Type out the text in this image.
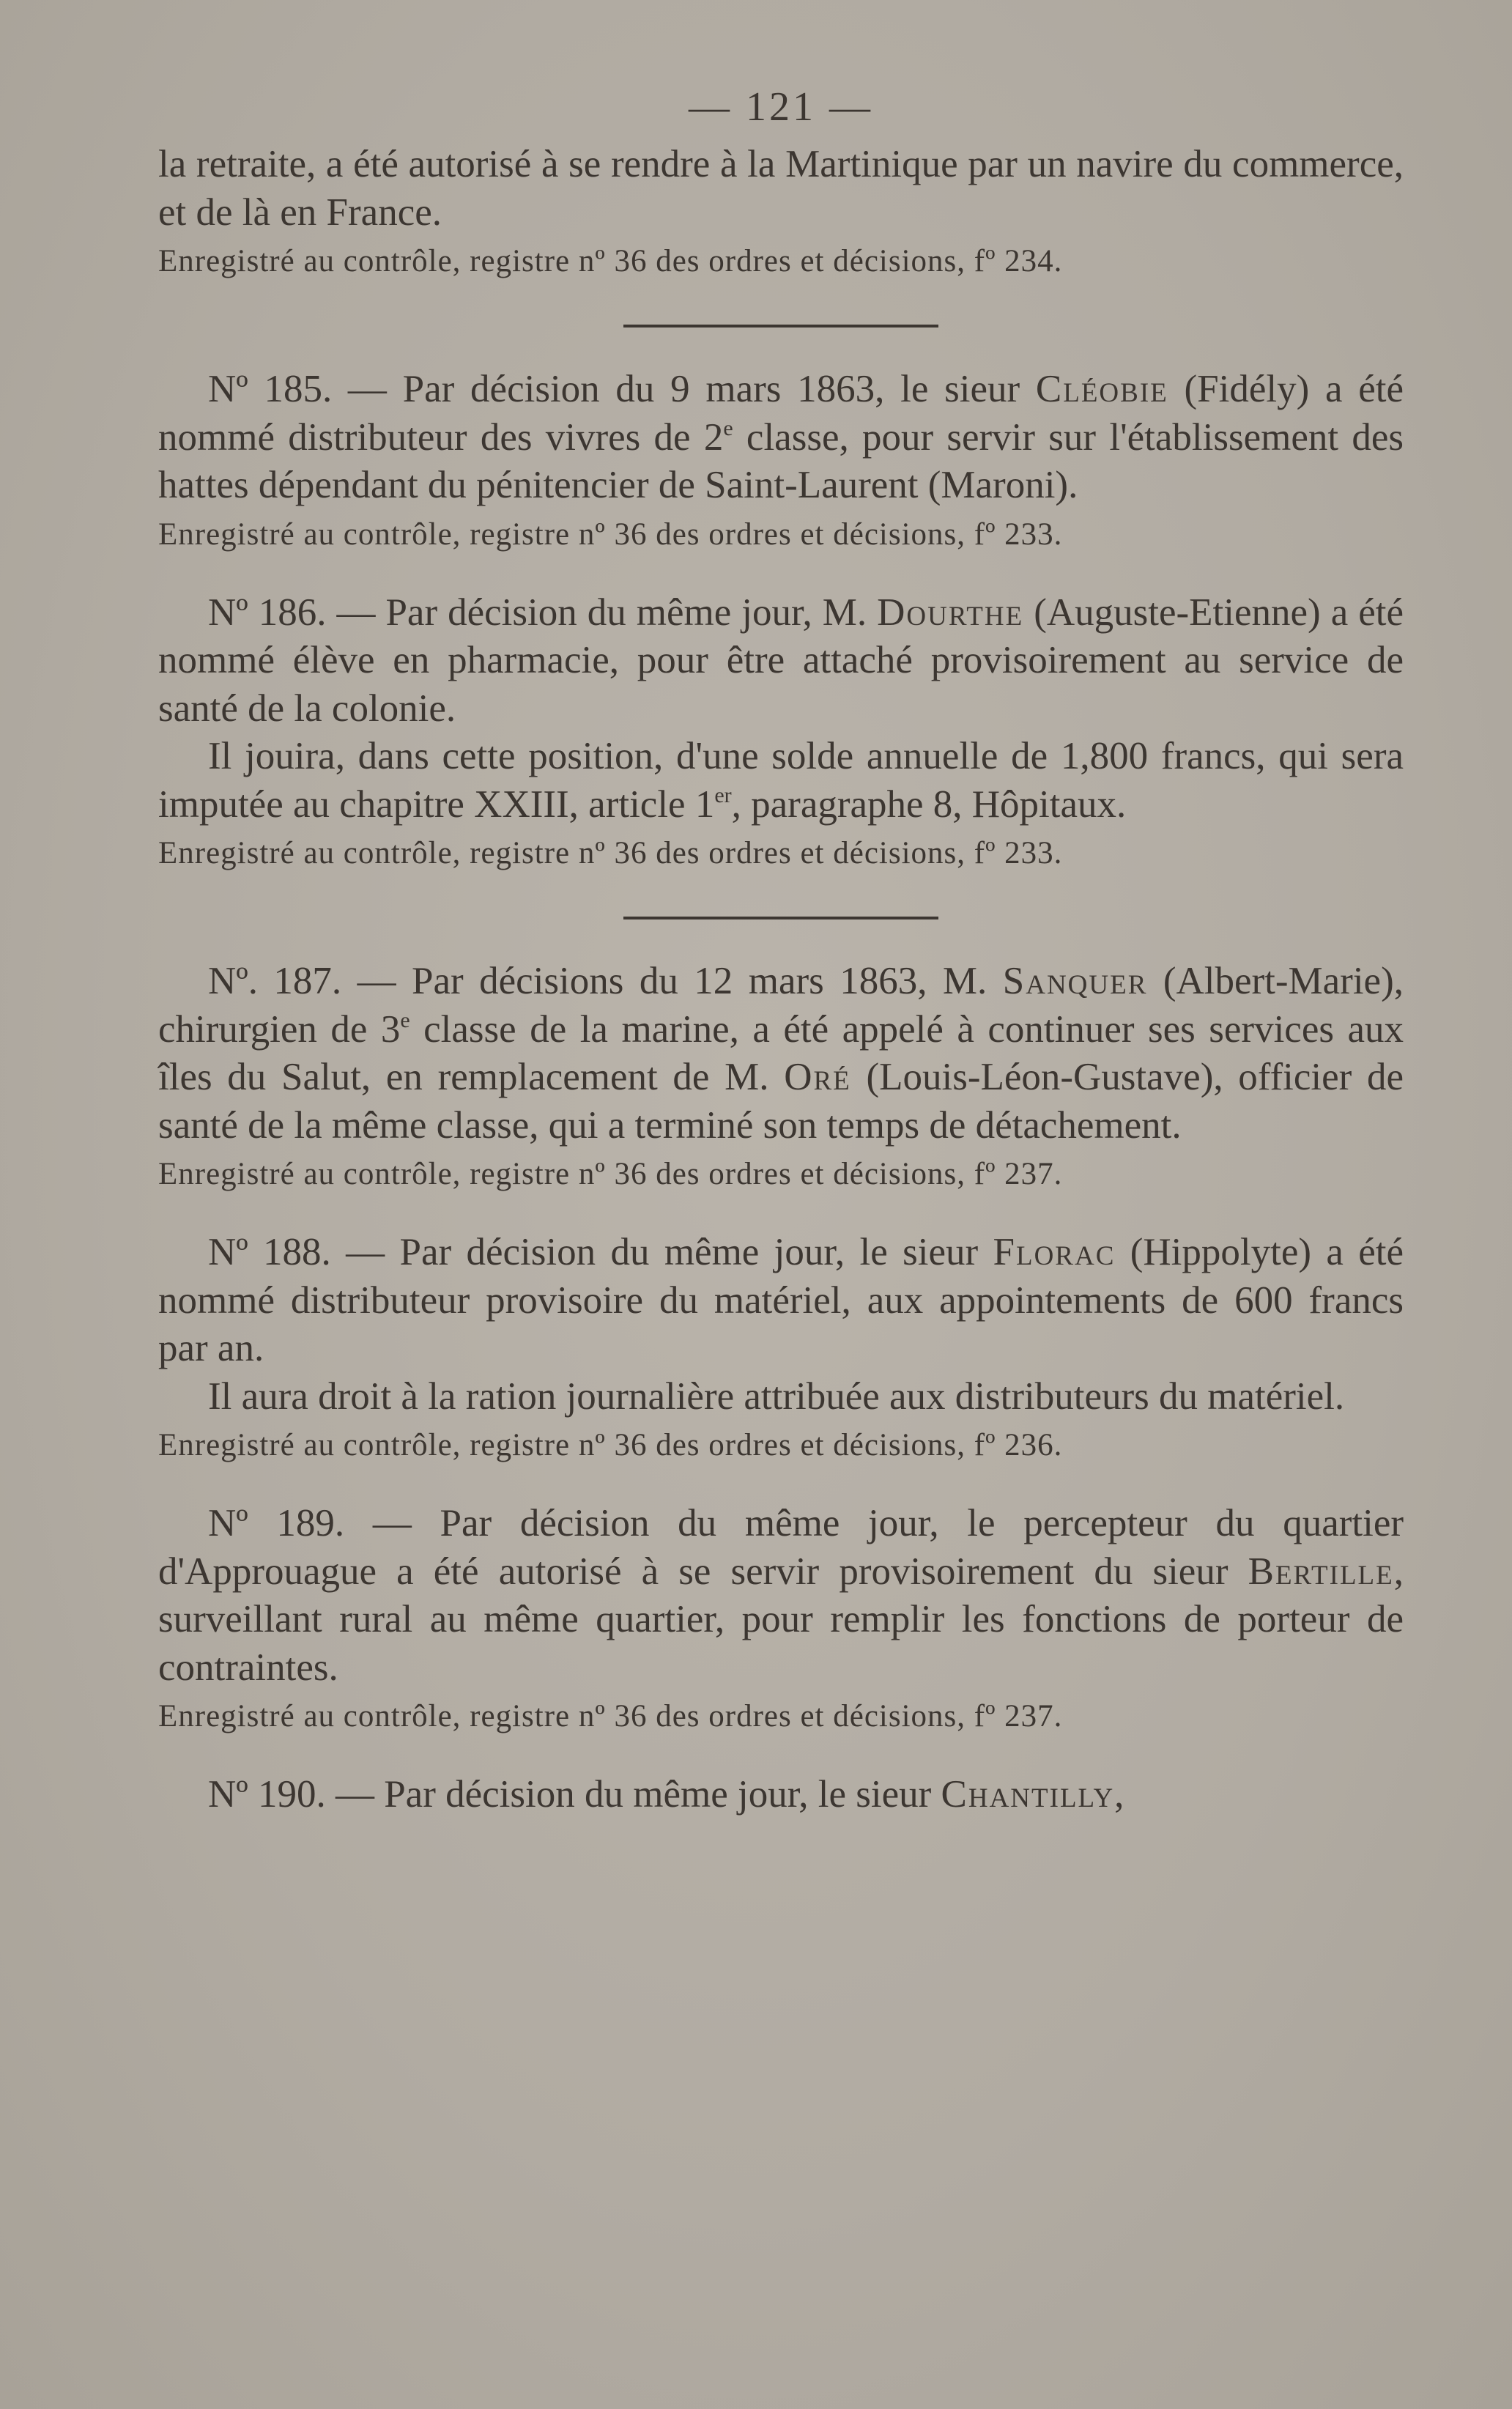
— 121 —

la retraite, a été autorisé à se rendre à la Martinique par un navire du commerce, et de là en France.

Enregistré au contrôle, registre nº 36 des ordres et décisions, fº 234.

Nº 185. — Par décision du 9 mars 1863, le sieur Cléobie (Fidély) a été nommé distributeur des vivres de 2e classe, pour servir sur l'établissement des hattes dépendant du pénitencier de Saint-Laurent (Maroni).

Enregistré au contrôle, registre nº 36 des ordres et décisions, fº 233.

Nº 186. — Par décision du même jour, M. Dourthe (Auguste-Etienne) a été nommé élève en pharmacie, pour être attaché provisoirement au service de santé de la colonie.

Il jouira, dans cette position, d'une solde annuelle de 1,800 francs, qui sera imputée au chapitre XXIII, article 1er, paragraphe 8, Hôpitaux.

Enregistré au contrôle, registre nº 36 des ordres et décisions, fº 233.

Nº. 187. — Par décisions du 12 mars 1863, M. Sanquer (Albert-Marie), chirurgien de 3e classe de la marine, a été appelé à continuer ses services aux îles du Salut, en remplacement de M. Oré (Louis-Léon-Gustave), officier de santé de la même classe, qui a terminé son temps de détachement.

Enregistré au contrôle, registre nº 36 des ordres et décisions, fº 237.

Nº 188. — Par décision du même jour, le sieur Florac (Hippolyte) a été nommé distributeur provisoire du matériel, aux appointements de 600 francs par an.

Il aura droit à la ration journalière attribuée aux distributeurs du matériel.

Enregistré au contrôle, registre nº 36 des ordres et décisions, fº 236.

Nº 189. — Par décision du même jour, le percepteur du quartier d'Approuague a été autorisé à se servir provisoirement du sieur Bertille, surveillant rural au même quartier, pour remplir les fonctions de porteur de contraintes.

Enregistré au contrôle, registre nº 36 des ordres et décisions, fº 237.

Nº 190. — Par décision du même jour, le sieur Chantilly,
